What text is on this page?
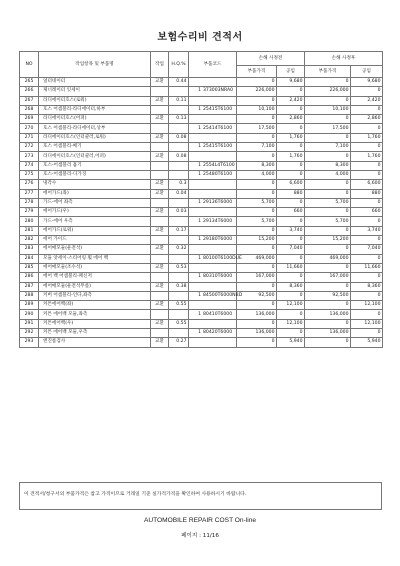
보험수리비 견적서
NO	작업항목 및 부품명	작업	H.Q.%	부품코드	손해 사정전		손해 사정후	
					부품가격	공임	부품가격	공임
265	얼터네이터	교환	0.44		0	9,680	0	9,680
266	제너레이터 잇세이			1 373003NRA0	226,000	0	226,000	0
267	라디에이터호스(로워)	교환	0.11		0	2,420	0	2,420
268	호스 어셈블리-라디에이터,하부			1 25415T6100	10,100	0	10,100	0
269	라디에이터호스(어퍼)	교환	0.13		0	2,860	0	2,860
270	호스 어셈블리-라디에이터,상부			1 25414T6100	17,500	0	17,500	0
271	라디에이터호스(인터쿨러,로워)	교환	0.08		0	1,760	0	1,760
272	호스 어셈블리-베기			1 25415T6100	7,100	0	7,100	0
273	라디에이터호스(인터쿨러,어퍼)	교환	0.08		0	1,760	0	1,760
274	호스-어셈블리 흡기			1 2554L4T6100	8,300	0	8,300	0
275	호스-어셈블리-디가징			1 25480T6100	4,000	0	4,000	0
276	냉각수	교환	0.3		0	6,600	0	6,600
277	에어가드(좌)	교환	0.04		0	880	0	880
278	가드-에어 좌측			1 29136T6000	5,700	0	5,700	0
279	에어가드(우)	교환	0.03		0	660	0	660
280	가드-에어 우측			1 29134T6000	5,700	0	5,700	0
281	에어가드(로워)	교환	0.17		0	3,740	0	3,740
282	에어 가이드			1 29180T6000	15,200	0	15,200	0
283	에어매모듈(운전석)	교환	0.32		0	7,040	0	7,040
284	모듈 앗세이-스티어링 휠 에어 백			1 80100T6100DUE	469,000	0	469,000	0
285	에어매모듈(조수석)	교환	0.53		0	11,660	0	11,660
286	에어 백 어셈블리-페신저			1 80310T6000	167,000	0	167,000	0
287	에어매모듈(운전석무릎)	교환	0.38		0	8,360	0	8,360
288	커버 어셈블리-인다,좌측			1 84500T6000NBD	92,500	0	92,500	0
289	커튼에어백(좌)	교환	0.55		0	12,100	0	12,100
290	커튼 에어백 모듈,좌측			1 80410T6000	136,000	0	136,000	0
291	커튼에어백(우)	교환	0.55		0	12,100	0	12,100
292	커튼 에어백 모듈,우측			1 80420T6000	136,000	0	136,000	0
293	엔진룸검사	교환	0.27		0	5,940	0	5,940
이 견적서/청구서의 부품가격은 참고 가격이므로 거래일 기준 실가격가격을 확인하여 사용하시기 바랍니다.
AUTOMOBILE REPAIR COST On-line
페이지 : 11/16
